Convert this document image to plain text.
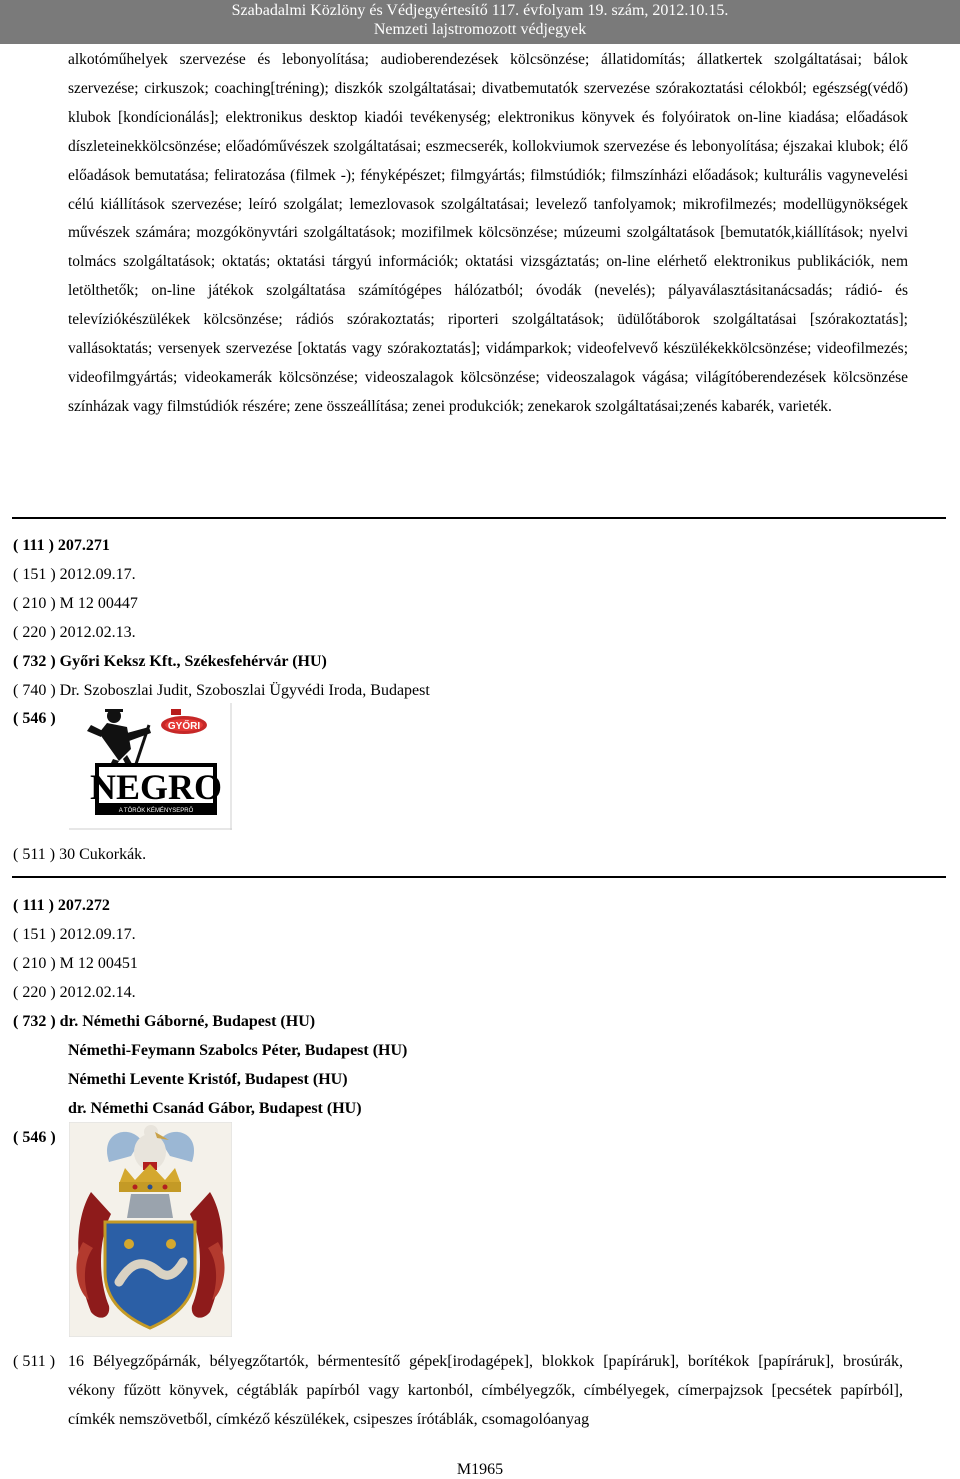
Szabadalmi Közlöny és Védjegyértesítő 117. évfolyam 19. szám, 2012.10.15.
Nemzeti lajstromozott védjegyek
alkotóműhelyek szervezése és lebonyolítása; audioberendezések kölcsönzése; állatidomítás; állatkertek szolgáltatásai; bálok szervezése; cirkuszok; coaching[tréning); diszkók szolgáltatásai; divatbemutatók szervezése szórakoztatási célokból; egészség(védő) klubok [kondícionálás]; elektronikus desktop kiadói tevékenység; elektronikus könyvek és folyóiratok on-line kiadása; előadások díszleteinekkölcsönzése; előadóművészek szolgáltatásai; eszmecserék, kollokviumok szervezése és lebonyolítása; éjszakai klubok; élő előadások bemutatása; feliratozása (filmek -); fényképészet; filmgyártás; filmstúdiók; filmszínházi előadások; kulturális vagynevelési célú kiállítások szervezése; leíró szolgálat; lemezlovasok szolgáltatásai; levelező tanfolyamok; mikrofilmezés; modellügynökségek művészek számára; mozgókönyvtári szolgáltatások; mozifilmek kölcsönzése; múzeumi szolgáltatások [bemutatók,kiállítások; nyelvi tolmács szolgáltatások; oktatás; oktatási tárgyú információk; oktatási vizsgáztatás; on-line elérhető elektronikus publikációk, nem letölthetők; on-line játékok szolgáltatása számítógépes hálózatból; óvodák (nevelés); pályaválasztásitanácsadás; rádió- és televíziókészülékek kölcsönzése; rádiós szórakoztatás; riporteri szolgáltatások; üdülőtáborok szolgáltatásai [szórakoztatás]; vallásoktatás; versenyek szervezése [oktatás vagy szórakoztatás]; vidámparkok; videofelvevő készülékekkölcsönzése; videofilmezés; videofilmgyártás; videokamerák kölcsönzése; videoszalagok kölcsönzése; videoszalagok vágása; világítóberendezések kölcsönzése színházak vagy filmstúdiók részére; zene összeállítása; zenei produkciók; zenekarok szolgáltatásai;zenés kabarék, varieték.
( 111 ) 207.271
( 151 ) 2012.09.17.
( 210 ) M 12 00447
( 220 ) 2012.02.13.
( 732 ) Győri Keksz Kft., Székesfehérvár (HU)
( 740 ) Dr. Szoboszlai Judit, Szoboszlai Ügyvédi Iroda, Budapest
( 546 )	GYŐRI
NEGRO
A TÖRÖK KÉMÉNYSEPRŐ
( 511 ) 30 Cukorkák.
( 111 ) 207.272
( 151 ) 2012.09.17.
( 210 ) M 12 00451
( 220 ) 2012.02.14.
( 732 ) dr. Némethi Gáborné, Budapest (HU)
Némethi-Feymann Szabolcs Péter, Budapest (HU)
Némethi Levente Kristóf, Budapest (HU)
dr. Némethi Csanád Gábor, Budapest (HU)
( 546 )
( 511 ) 16 Bélyegzőpárnák, bélyegzőtartók, bérmentesítő gépek[irodagépek], blokkok [papíráruk], borítékok [papíráruk], brosúrák, vékony fűzött könyvek, cégtáblák papírból vagy kartonból, címbélyegzők, címbélyegek, címerpajzsok [pecsétek papírból], címkék nemszövetből, címkéző készülékek, csipeszes írótáblák, csomagolóanyag
M1965
